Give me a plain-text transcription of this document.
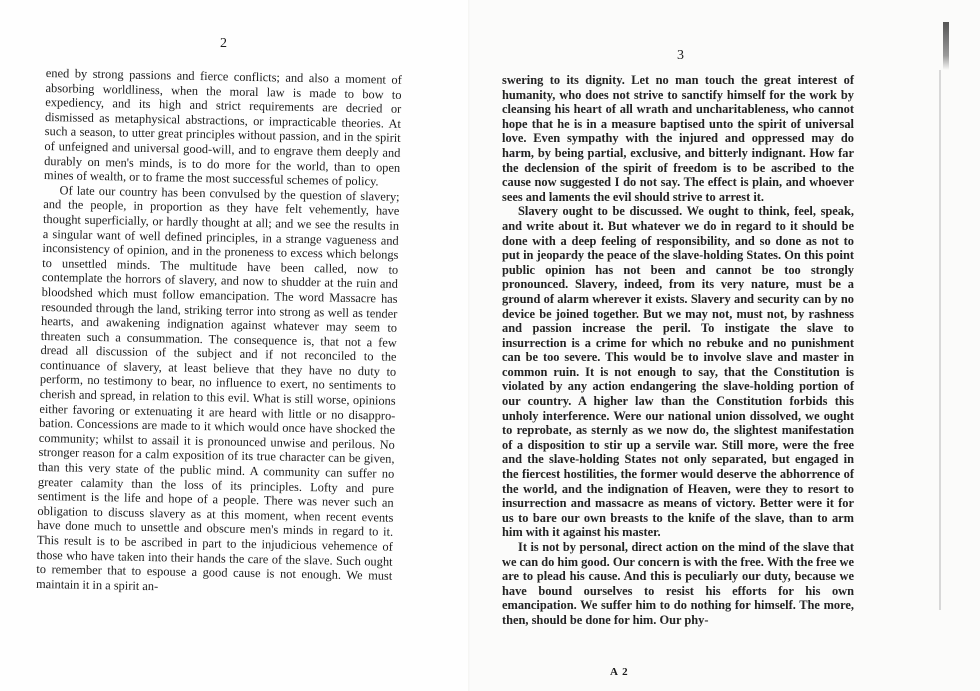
2

ened by strong passions and fierce conflicts; and also a moment of absorbing worldliness, when the moral law is made to bow to expediency, and its high and strict requirements are decried or dismissed as metaphysical abstractions, or impracticable theories. At such a season, to utter great principles without passion, and in the spirit of unfeigned and universal good-will, and to engrave them deeply and durably on men's minds, is to do more for the world, than to open mines of wealth, or to frame the most successful schemes of policy.

Of late our country has been convulsed by the question of slavery; and the people, in proportion as they have felt vehemently, have thought superficially, or hardly thought at all; and we see the results in a singular want of well defined principles, in a strange vagueness and inconsistency of opinion, and in the proneness to excess which belongs to unsettled minds. The multitude have been called, now to contemplate the horrors of slavery, and now to shudder at the ruin and bloodshed which must follow emancipation. The word Massacre has resounded through the land, striking terror into strong as well as tender hearts, and awakening indignation against whatever may seem to threaten such a consummation. The consequence is, that not a few dread all discussion of the subject and if not reconciled to the continuance of slavery, at least believe that they have no duty to perform, no testimony to bear, no influence to exert, no sentiments to cherish and spread, in relation to this evil. What is still worse, opinions either favoring or extenuating it are heard with little or no disapprobation. Concessions are made to it which would once have shocked the community; whilst to assail it is pronounced unwise and perilous. No stronger reason for a calm exposition of its true character can be given, than this very state of the public mind. A community can suffer no greater calamity than the loss of its principles. Lofty and pure sentiment is the life and hope of a people. There was never such an obligation to discuss slavery as at this moment, when recent events have done much to unsettle and obscure men's minds in regard to it. This result is to be ascribed in part to the injudicious vehemence of those who have taken into their hands the care of the slave. Such ought to remember that to espouse a good cause is not enough. We must maintain it in a spirit an-

3

swering to its dignity. Let no man touch the great interest of humanity, who does not strive to sanctify himself for the work by cleansing his heart of all wrath and uncharitableness, who cannot hope that he is in a measure baptised unto the spirit of universal love. Even sympathy with the injured and oppressed may do harm, by being partial, exclusive, and bitterly indignant. How far the declension of the spirit of freedom is to be ascribed to the cause now suggested I do not say. The effect is plain, and whoever sees and laments the evil should strive to arrest it.

Slavery ought to be discussed. We ought to think, feel, speak, and write about it. But whatever we do in regard to it should be done with a deep feeling of responsibility, and so done as not to put in jeopardy the peace of the slave-holding States. On this point public opinion has not been and cannot be too strongly pronounced. Slavery, indeed, from its very nature, must be a ground of alarm wherever it exists. Slavery and security can by no device be joined together. But we may not, must not, by rashness and passion increase the peril. To instigate the slave to insurrection is a crime for which no rebuke and no punishment can be too severe. This would be to involve slave and master in common ruin. It is not enough to say, that the Constitution is violated by any action endangering the slave-holding portion of our country. A higher law than the Constitution forbids this unholy interference. Were our national union dissolved, we ought to reprobate, as sternly as we now do, the slightest manifestation of a disposition to stir up a servile war. Still more, were the free and the slave-holding States not only separated, but engaged in the fiercest hostilities, the former would deserve the abhorrence of the world, and the indignation of Heaven, were they to resort to insurrection and massacre as means of victory. Better were it for us to bare our own breasts to the knife of the slave, than to arm him with it against his master.

It is not by personal, direct action on the mind of the slave that we can do him good. Our concern is with the free. With the free we are to plead his cause. And this is peculiarly our duty, because we have bound ourselves to resist his efforts for his own emancipation. We suffer him to do nothing for himself. The more, then, should be done for him. Our phy-

A 2
